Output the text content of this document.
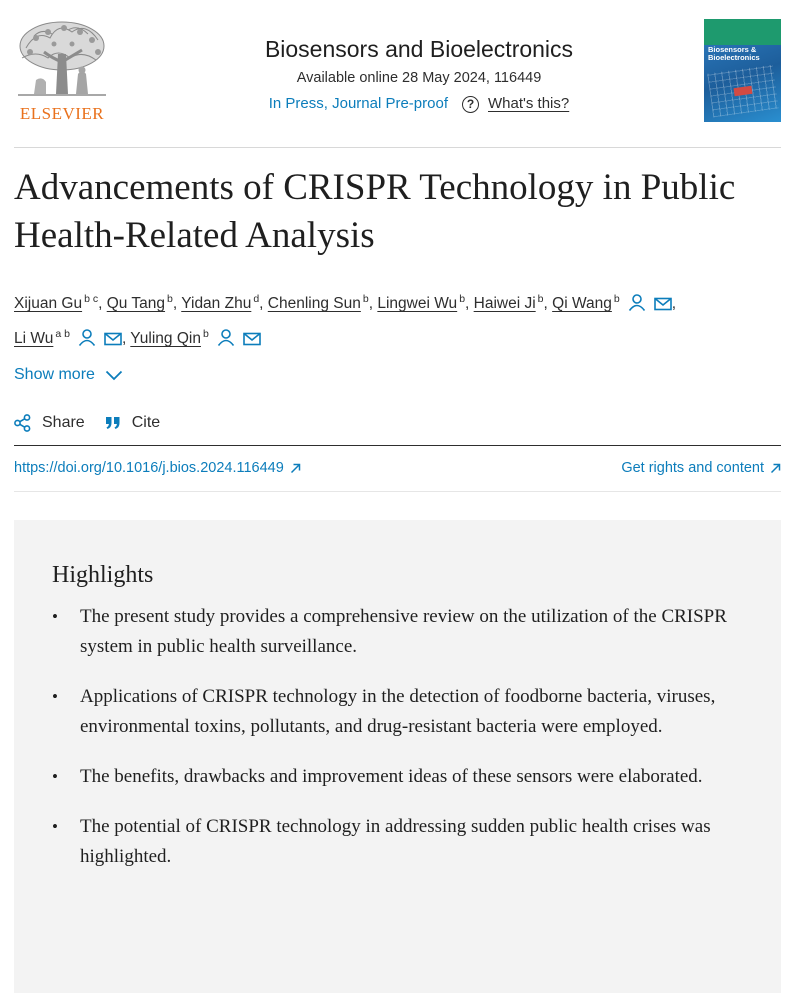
ELSEVIER
Biosensors and Bioelectronics
Available online 28 May 2024, 116449
In Press, Journal Pre-proof	? What's this?
Biosensors & Bioelectronics
Advancements of CRISPR Technology in Public Health-Related Analysis
Xijuan Gu $^{b c}$, Qu Tang $^b$, Yidan Zhu $^d$, Chenling Sun $^b$, Lingwei Wu $^b$, Haiwei Ji $^b$, Qi Wang $^b$	,
Li Wu $^{a b}$	, Yuling Qin $^b$
Show more
Share	Cite
https://doi.org/10.1016/j.bios.2024.116449	Get rights and content
Highlights
• The present study provides a comprehensive review on the utilization of the CRISPR system in public health surveillance.
• Applications of CRISPR technology in the detection of foodborne bacteria, viruses, environmental toxins, pollutants, and drug-resistant bacteria were employed.
• The benefits, drawbacks and improvement ideas of these sensors were elaborated.
• The potential of CRISPR technology in addressing sudden public health crises was highlighted.
